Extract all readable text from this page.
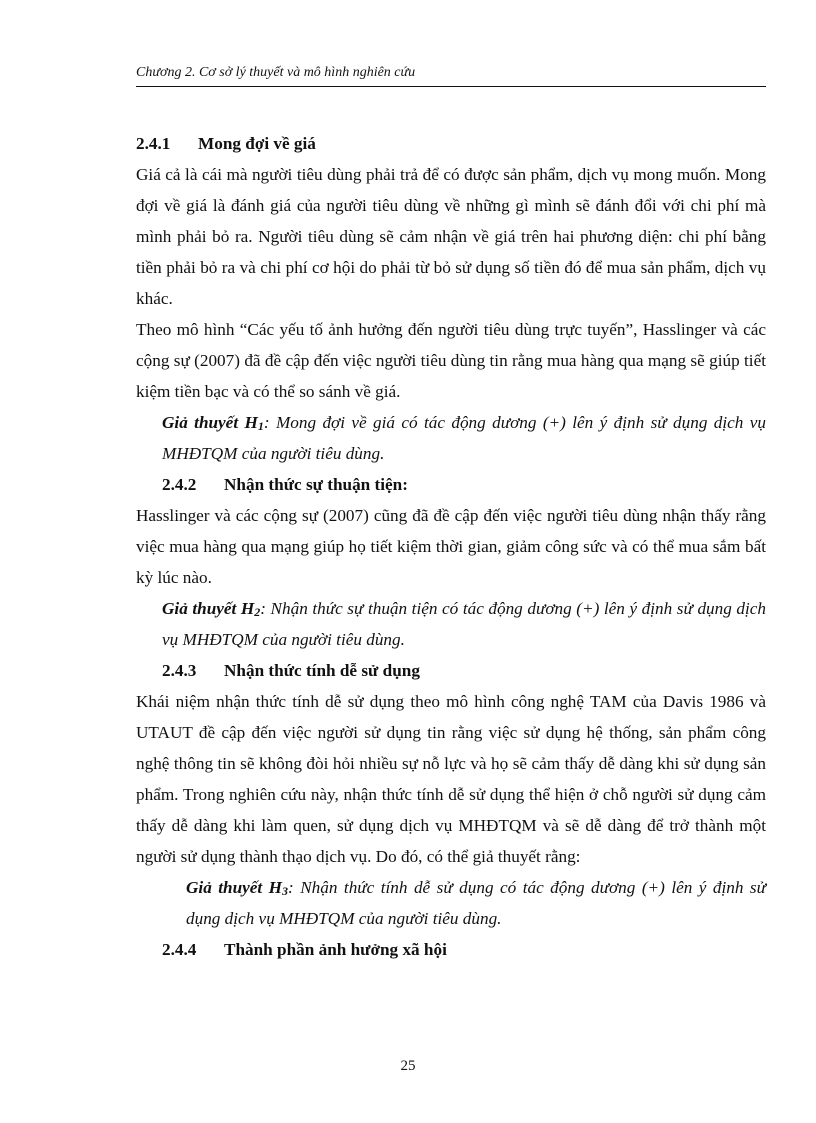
Chương 2. Cơ sở lý thuyết và mô hình nghiên cứu

2.4.1 Mong đợi về giá

Giá cả là cái mà người tiêu dùng phải trả để có được sản phẩm, dịch vụ mong muốn. Mong đợi về giá là đánh giá của người tiêu dùng về những gì mình sẽ đánh đổi với chi phí mà mình phải bỏ ra. Người tiêu dùng sẽ cảm nhận về giá trên hai phương diện: chi phí bằng tiền phải bỏ ra và chi phí cơ hội do phải từ bỏ sử dụng số tiền đó để mua sản phẩm, dịch vụ khác.

Theo mô hình “Các yếu tố ảnh hưởng đến người tiêu dùng trực tuyến”, Hasslinger và các cộng sự (2007) đã đề cập đến việc người tiêu dùng tin rằng mua hàng qua mạng sẽ giúp tiết kiệm tiền bạc và có thể so sánh về giá.

Giả thuyết $H_1$: Mong đợi về giá có tác động dương (+) lên ý định sử dụng dịch vụ MHĐTQM của người tiêu dùng.

2.4.2 Nhận thức sự thuận tiện:

Hasslinger và các cộng sự (2007) cũng đã đề cập đến việc người tiêu dùng nhận thấy rằng việc mua hàng qua mạng giúp họ tiết kiệm thời gian, giảm công sức và có thể mua sắm bất kỳ lúc nào.

Giả thuyết $H_2$: Nhận thức sự thuận tiện có tác động dương (+) lên ý định sử dụng dịch vụ MHĐTQM của người tiêu dùng.

2.4.3 Nhận thức tính dễ sử dụng

Khái niệm nhận thức tính dễ sử dụng theo mô hình công nghệ TAM của Davis 1986 và UTAUT đề cập đến việc người sử dụng tin rằng việc sử dụng hệ thống, sản phẩm công nghệ thông tin sẽ không đòi hỏi nhiều sự nỗ lực và họ sẽ cảm thấy dễ dàng khi sử dụng sản phẩm. Trong nghiên cứu này, nhận thức tính dễ sử dụng thể hiện ở chỗ người sử dụng cảm thấy dễ dàng khi làm quen, sử dụng dịch vụ MHĐTQM và sẽ dễ dàng để trở thành một người sử dụng thành thạo dịch vụ. Do đó, có thể giả thuyết rằng:

Giả thuyết $H_3$: Nhận thức tính dễ sử dụng có tác động dương (+) lên ý định sử dụng dịch vụ MHĐTQM của người tiêu dùng.

2.4.4 Thành phần ảnh hưởng xã hội

25
